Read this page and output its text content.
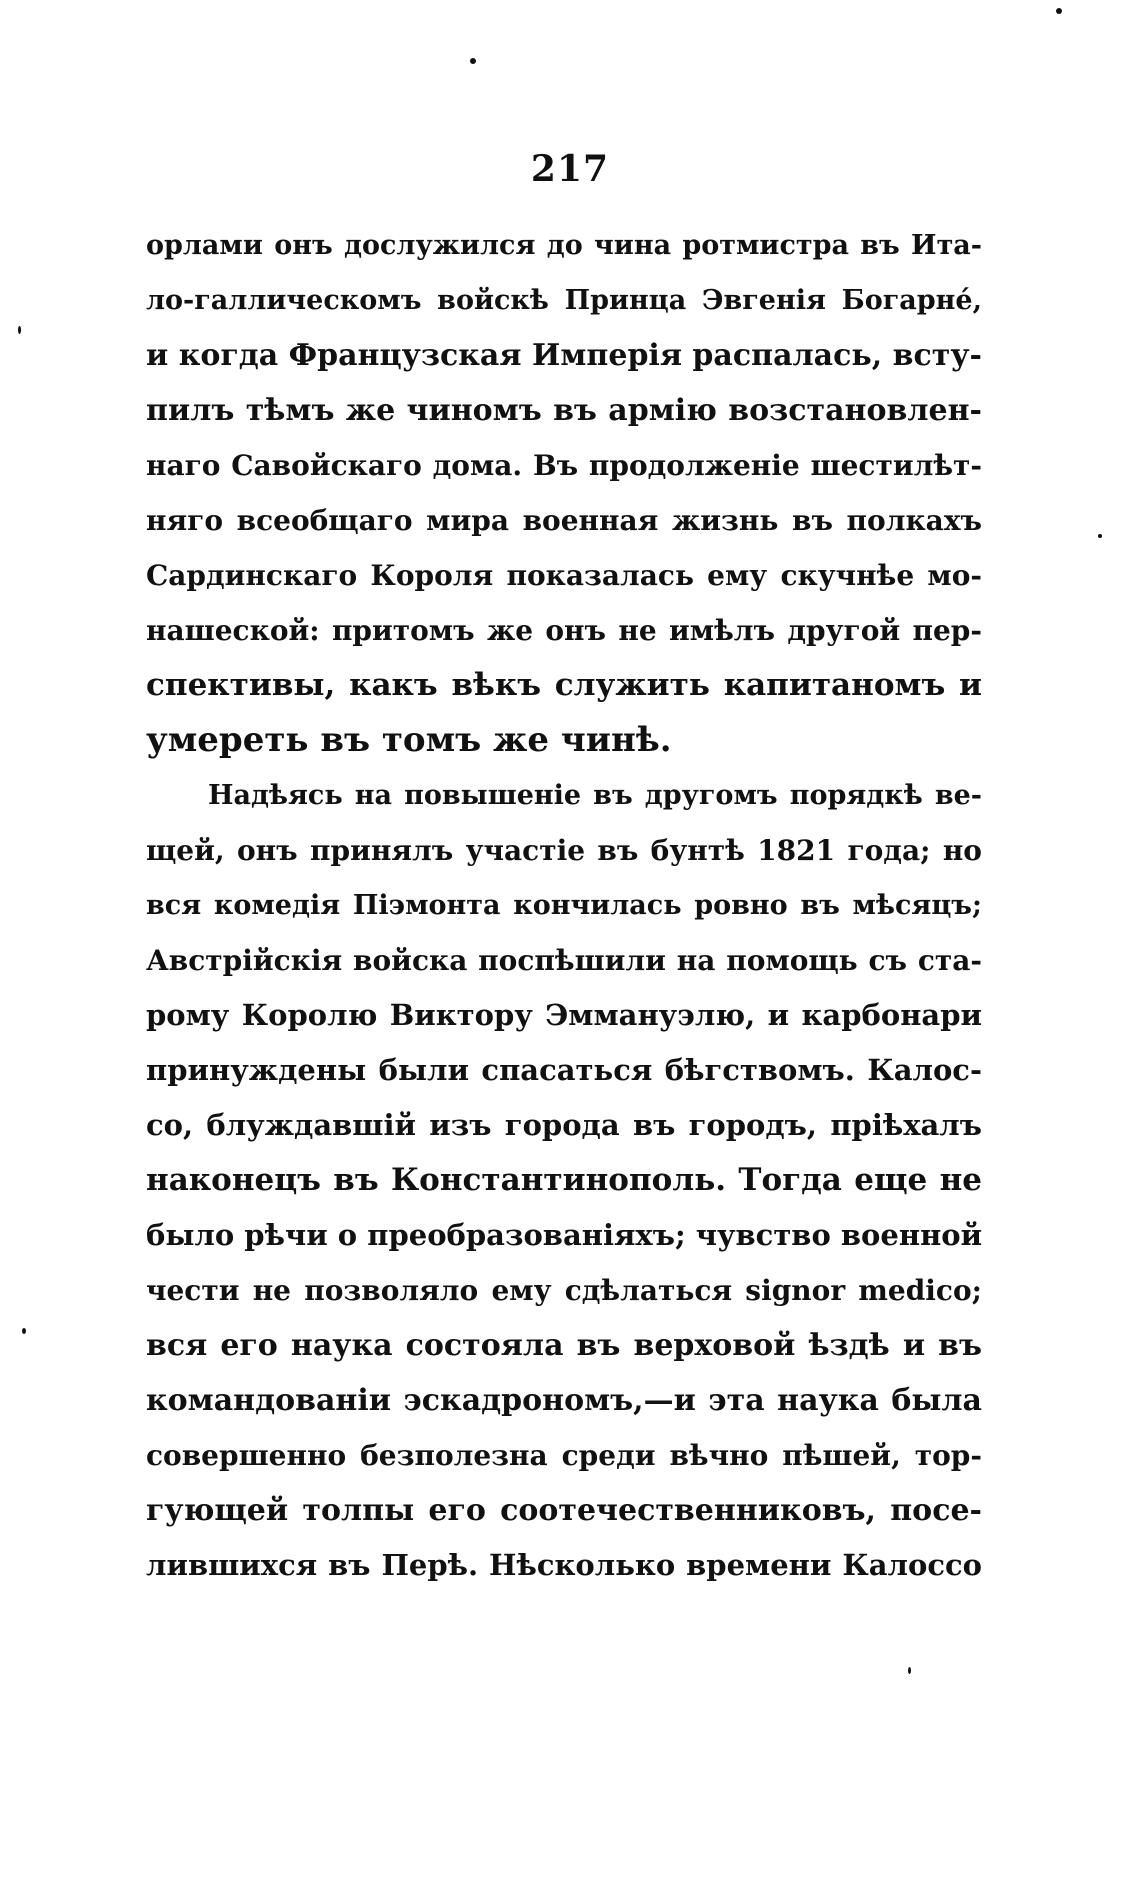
217
орлами онъ дослужился до чина ротмистра въ Ита-
ло-галлическомъ войскѣ Принца Эвгенія Богарнé,
и когда Французская Имперія распалась, всту-
пилъ тѣмъ же чиномъ въ армію возстановлен-
наго Савойскаго дома. Въ продолженіе шестилѣт-
няго всеобщаго мира военная жизнь въ полкахъ
Сардинскаго Короля показалась ему скучнѣе мо-
нашеской: притомъ же онъ не имѣлъ другой пер-
спективы, какъ вѣкъ служить капитаномъ и
умереть въ томъ же чинѣ.
Надѣясь на повышеніе въ другомъ порядкѣ ве-
щей, онъ принялъ участіе въ бунтѣ 1821 года; но
вся комедія Піэмонта кончилась ровно въ мѣсяцъ;
Австрійскія войска поспѣшили на помощь съ ста-
рому Королю Виктору Эммануэлю, и карбонари
принуждены были спасаться бѣгствомъ. Калос-
со, блуждавшій изъ города въ городъ, пріѣхалъ
наконецъ въ Константинополь. Тогда еще не
было рѣчи о преобразованіяхъ; чувство военной
чести не позволяло ему сдѣлаться signor medico;
вся его наука состояла въ верховой ѣздѣ и въ
командованіи эскадрономъ,—и эта наука была
совершенно безполезна среди вѣчно пѣшей, тор-
гующей толпы его соотечественниковъ, посе-
лившихся въ Перѣ. Нѣсколько времени Калоссо
